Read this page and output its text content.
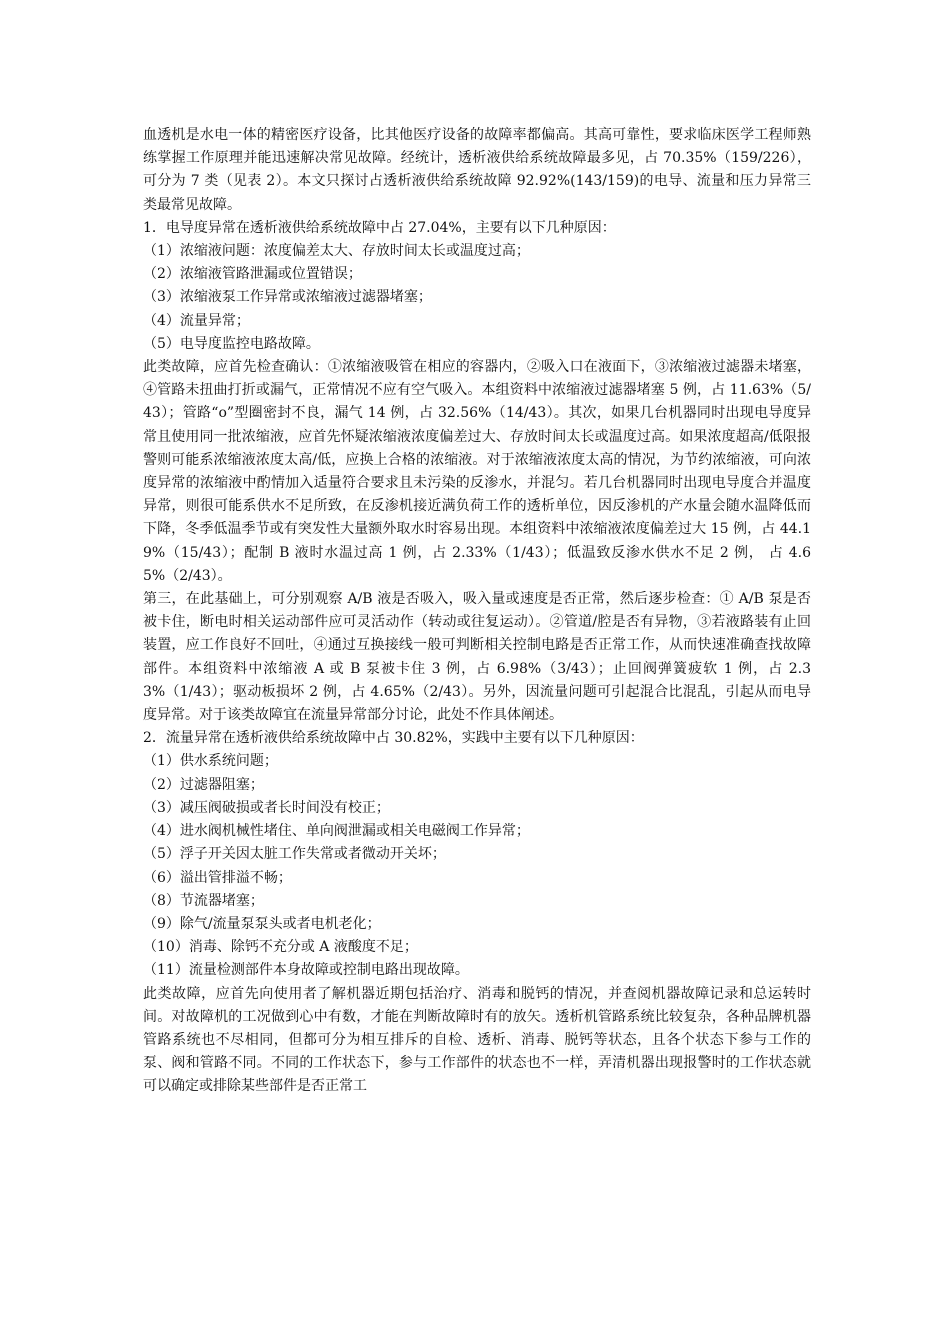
血透机是水电一体的精密医疗设备，比其他医疗设备的故障率都偏高。其高可靠性，要求临床医学工程师熟练掌握工作原理并能迅速解决常见故障。经统计，透析液供给系统故障最多见，占 70.35%（159/226），可分为 7 类（见表 2）。本文只探讨占透析液供给系统故障 92.92%(143/159)的电导、流量和压力异常三类最常见故障。

1．电导度异常在透析液供给系统故障中占 27.04%，主要有以下几种原因：

（1）浓缩液问题：浓度偏差太大、存放时间太长或温度过高；

（2）浓缩液管路泄漏或位置错误；

（3）浓缩液泵工作异常或浓缩液过滤器堵塞；

（4）流量异常；

（5）电导度监控电路故障。

此类故障，应首先检查确认：①浓缩液吸管在相应的容器内，②吸入口在液面下，③浓缩液过滤器未堵塞，④管路未扭曲打折或漏气，正常情况不应有空气吸入。本组资料中浓缩液过滤器堵塞 5 例，占 11.63%（5/43）；管路“o”型圈密封不良，漏气 14 例，占 32.56%（14/43）。其次，如果几台机器同时出现电导度异常且使用同一批浓缩液，应首先怀疑浓缩液浓度偏差过大、存放时间太长或温度过高。如果浓度超高/低限报警则可能系浓缩液浓度太高/低，应换上合格的浓缩液。对于浓缩液浓度太高的情况，为节约浓缩液，可向浓度异常的浓缩液中酌情加入适量符合要求且未污染的反渗水，并混匀。若几台机器同时出现电导度合并温度异常，则很可能系供水不足所致，在反渗机接近满负荷工作的透析单位，因反渗机的产水量会随水温降低而下降，冬季低温季节或有突发性大量额外取水时容易出现。本组资料中浓缩液浓度偏差过大 15 例，占 44.19%（15/43）；配制 B 液时水温过高 1 例，占 2.33%（1/43）；低温致反渗水供水不足 2 例， 占 4.65%（2/43）。

第三，在此基础上，可分别观察 A/B 液是否吸入，吸入量或速度是否正常，然后逐步检查：① A/B 泵是否被卡住，断电时相关运动部件应可灵活动作（转动或往复运动）。②管道/腔是否有异物，③若液路装有止回装置，应工作良好不回吐，④通过互换接线一般可判断相关控制电路是否正常工作，从而快速准确查找故障部件。本组资料中浓缩液 A 或 B 泵被卡住 3 例，占 6.98%（3/43）；止回阀弹簧疲软 1 例，占 2.33%（1/43）；驱动板损坏 2 例，占 4.65%（2/43）。另外，因流量问题可引起混合比混乱，引起从而电导度异常。对于该类故障宜在流量异常部分讨论，此处不作具体阐述。

2．流量异常在透析液供给系统故障中占 30.82%，实践中主要有以下几种原因：

（1）供水系统问题；

（2）过滤器阻塞；

（3）减压阀破损或者长时间没有校正；

（4）进水阀机械性堵住、单向阀泄漏或相关电磁阀工作异常；

（5）浮子开关因太脏工作失常或者微动开关坏；

（6）溢出管排溢不畅；

（8）节流器堵塞；

（9）除气/流量泵泵头或者电机老化；

（10）消毒、除钙不充分或 A 液酸度不足；

（11）流量检测部件本身故障或控制电路出现故障。

此类故障，应首先向使用者了解机器近期包括治疗、消毒和脱钙的情况，并查阅机器故障记录和总运转时间。对故障机的工况做到心中有数，才能在判断故障时有的放矢。透析机管路系统比较复杂，各种品牌机器管路系统也不尽相同，但都可分为相互排斥的自检、透析、消毒、脱钙等状态，且各个状态下参与工作的泵、阀和管路不同。不同的工作状态下，参与工作部件的状态也不一样，弄清机器出现报警时的工作状态就可以确定或排除某些部件是否正常工
